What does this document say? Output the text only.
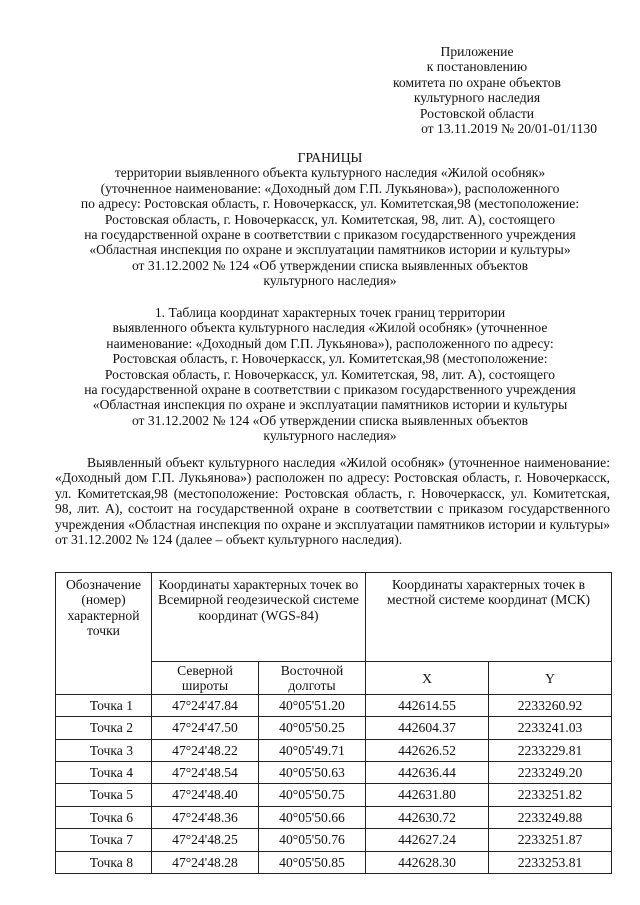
Приложение
к постановлению
комитета по охране объектов
культурного наследия
Ростовской области
от 13.11.2019 № 20/01-01/1130
ГРАНИЦЫ
территории выявленного объекта культурного наследия «Жилой особняк»
(уточненное наименование: «Доходный дом Г.П. Лукьянова»), расположенного
по адресу: Ростовская область, г. Новочеркасск, ул. Комитетская,98 (местоположение:
Ростовская область, г. Новочеркасск, ул. Комитетская, 98, лит. А), состоящего
на государственной охране в соответствии с приказом государственного учреждения
«Областная инспекция по охране и эксплуатации памятников истории и культуры»
от 31.12.2002 № 124 «Об утверждении списка выявленных объектов
культурного наследия»
1. Таблица координат характерных точек границ территории
выявленного объекта культурного наследия «Жилой особняк» (уточненное
наименование: «Доходный дом Г.П. Лукьянова»), расположенного по адресу:
Ростовская область, г. Новочеркасск, ул. Комитетская,98 (местоположение:
Ростовская область, г. Новочеркасск, ул. Комитетская, 98, лит. А), состоящего
на государственной охране в соответствии с приказом государственного учреждения
«Областная инспекция по охране и эксплуатации памятников истории и культуры
от 31.12.2002 № 124 «Об утверждении списка выявленных объектов
культурного наследия»
Выявленный объект культурного наследия «Жилой особняк» (уточненное наименование: «Доходный дом Г.П. Лукьянова») расположен по адресу: Ростовская область, г. Новочеркасск, ул. Комитетская,98 (местоположение: Ростовская область, г. Новочеркасск, ул. Комитетская, 98, лит. А), состоит на государственной охране в соответствии с приказом государственного учреждения «Областная инспекция по охране и эксплуатации памятников истории и культуры» от 31.12.2002 № 124 (далее – объект культурного наследия).
Обозначение (номер) характерной точки	Координаты характерных точек во Всемирной геодезической системе координат (WGS-84)		Координаты характерных точек в местной системе координат (МСК)	
	Северной широты	Восточной долготы	X	Y
Точка 1	47°24'47.84	40°05'51.20	442614.55	2233260.92
Точка 2	47°24'47.50	40°05'50.25	442604.37	2233241.03
Точка 3	47°24'48.22	40°05'49.71	442626.52	2233229.81
Точка 4	47°24'48.54	40°05'50.63	442636.44	2233249.20
Точка 5	47°24'48.40	40°05'50.75	442631.80	2233251.82
Точка 6	47°24'48.36	40°05'50.66	442630.72	2233249.88
Точка 7	47°24'48.25	40°05'50.76	442627.24	2233251.87
Точка 8	47°24'48.28	40°05'50.85	442628.30	2233253.81
